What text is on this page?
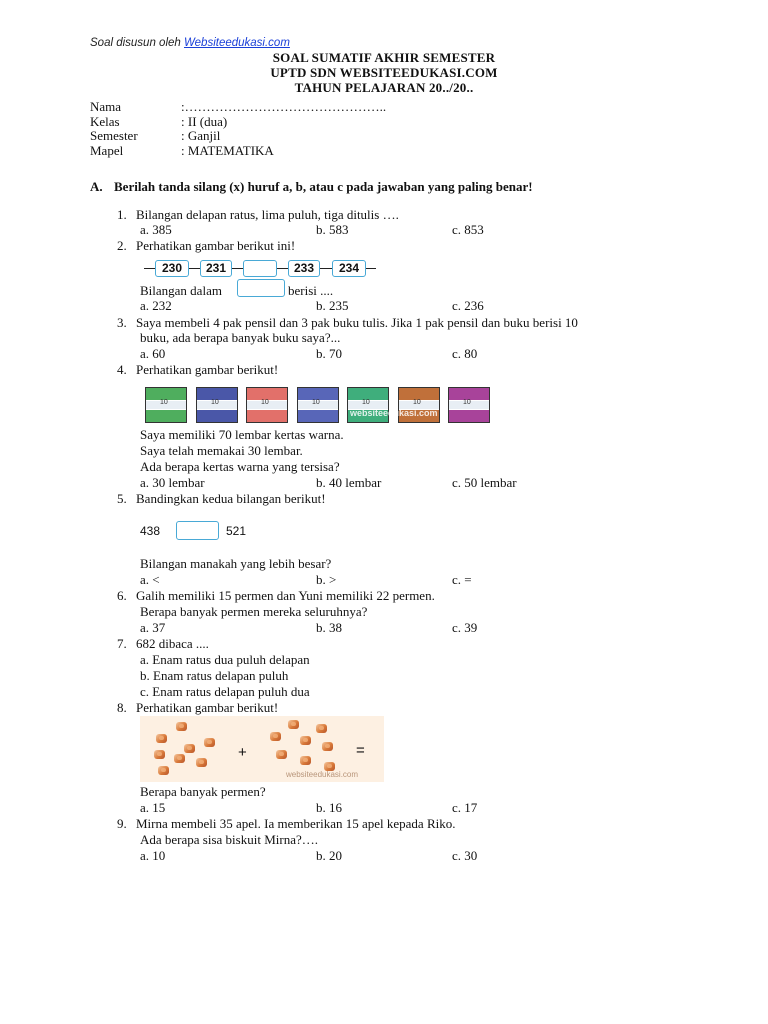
Soal disusun oleh Websiteedukasi.com
SOAL SUMATIF AKHIR SEMESTER
UPTD SDN WEBSITEEDUKASI.COM
TAHUN PELAJARAN 20../20..
Nama	:………………………………………..
Kelas	: II (dua)
Semester	: Ganjil
Mapel	: MATEMATIKA
A. Berilah tanda silang (x) huruf a, b, atau c pada jawaban yang paling benar!
1. Bilangan delapan ratus, lima puluh, tiga ditulis ….
a. 385	b. 583	c. 853
2. Perhatikan gambar berikut ini!
230	231	233	234
Bilangan dalam	berisi ....
a. 232	b. 235	c. 236
3. Saya membeli 4 pak pensil dan 3 pak buku tulis. Jika 1 pak pensil dan buku berisi 10
buku, ada berapa banyak buku saya?...
a. 60	b. 70	c. 80
4. Perhatikan gambar berikut!
10	10	10	10	10	10	10
websiteedukasi.com
Saya memiliki 70 lembar kertas warna.
Saya telah memakai 30 lembar.
Ada berapa kertas warna yang tersisa?
a. 30 lembar	b. 40 lembar	c. 50 lembar
5. Bandingkan kedua bilangan berikut!
438	521
Bilangan manakah yang lebih besar?
a. <	b. >	c. =
6. Galih memiliki 15 permen dan Yuni memiliki 22 permen.
Berapa banyak permen mereka seluruhnya?
a. 37	b. 38	c. 39
7. 682 dibaca ....
a. Enam ratus dua puluh delapan
b. Enam ratus delapan puluh
c. Enam ratus delapan puluh dua
8. Perhatikan gambar berikut!
+	=
websiteedukasi.com
Berapa banyak permen?
a. 15	b. 16	c. 17
9. Mirna membeli 35 apel. Ia memberikan 15 apel kepada Riko.
Ada berapa sisa biskuit Mirna?….
a. 10	b. 20	c. 30
